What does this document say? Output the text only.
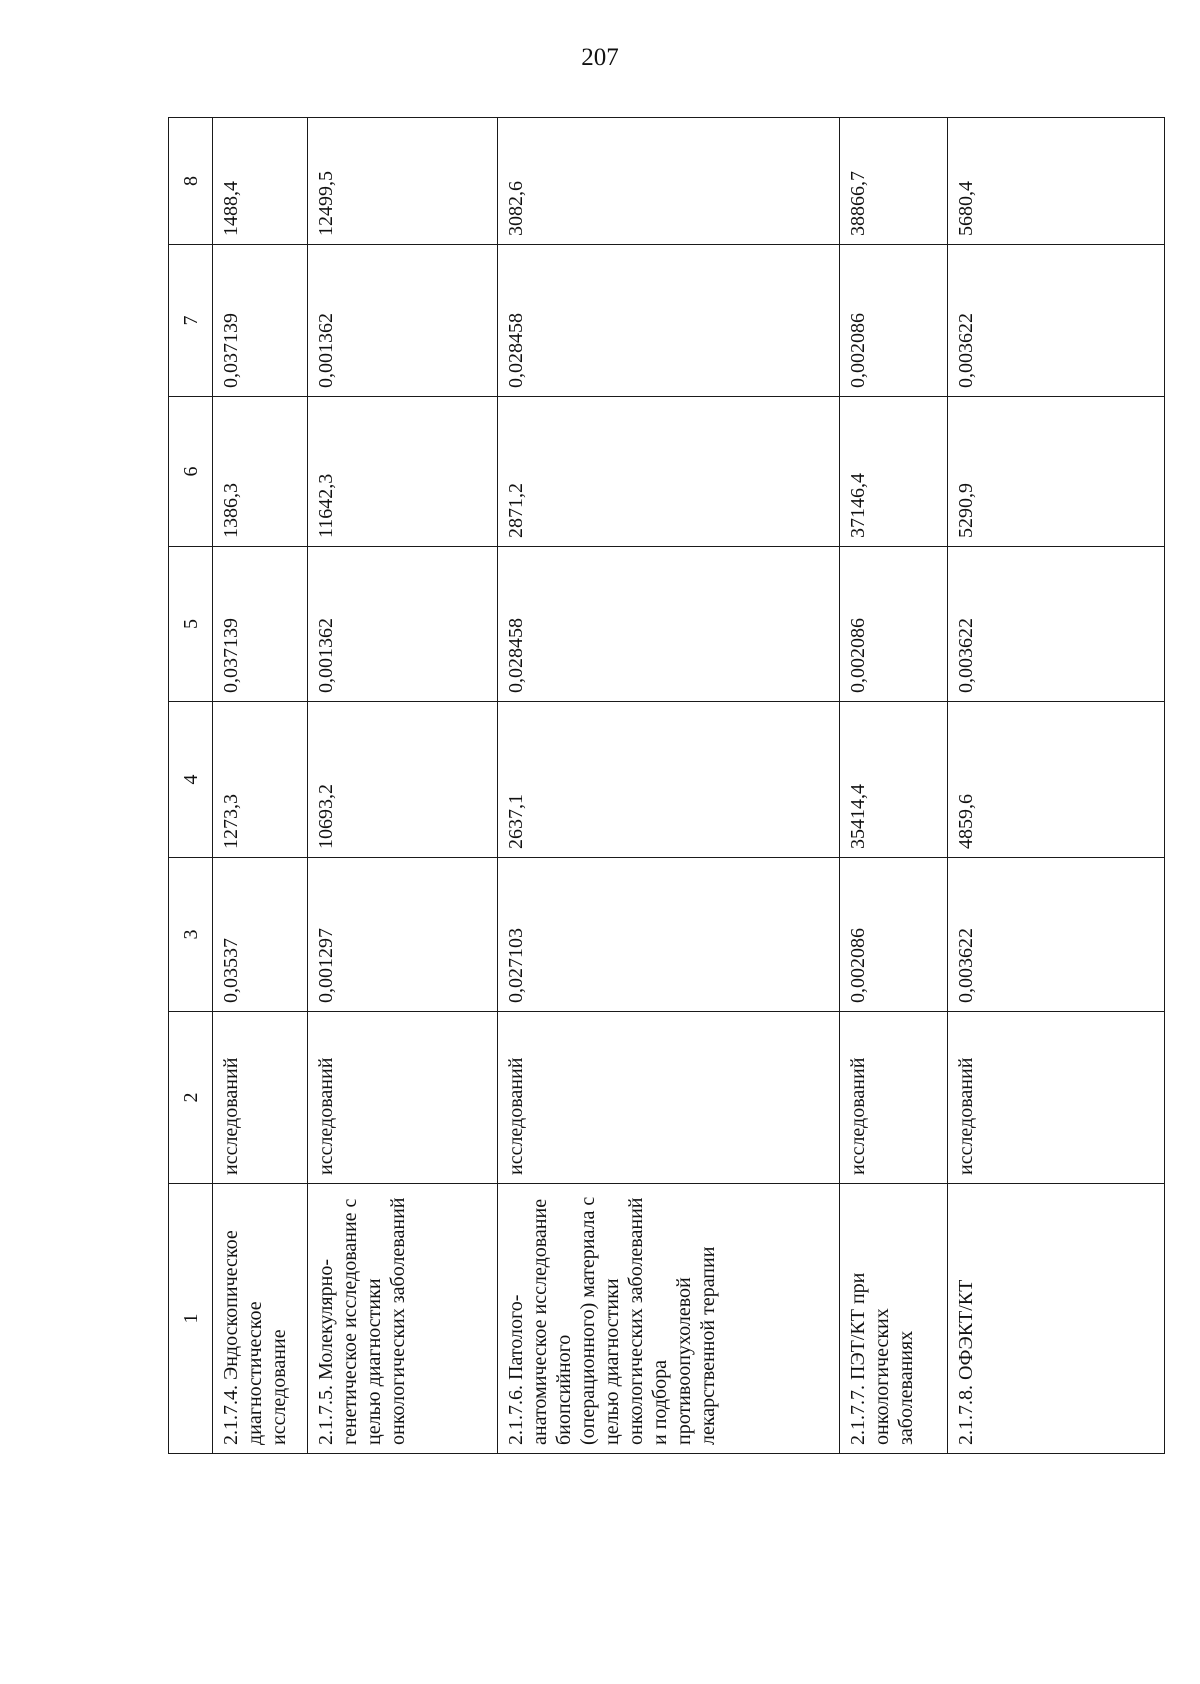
207
1	2	3	4	5	6	7	8
2.1.7.4. Эндоскопическое диагностическое исследование	исследований	0,03537	1273,3	0,037139	1386,3	0,037139	1488,4
2.1.7.5. Молекулярно-генетическое исследование с целью диагностики онкологических заболеваний	исследований	0,001297	10693,2	0,001362	11642,3	0,001362	12499,5
2.1.7.6. Патолого-анатомическое исследование биопсийного (операционного) материала с целью диагностики онкологических заболеваний и подбора противоопухолевой лекарственной терапии	исследований	0,027103	2637,1	0,028458	2871,2	0,028458	3082,6
2.1.7.7. ПЭТ/КТ при онкологических заболеваниях	исследований	0,002086	35414,4	0,002086	37146,4	0,002086	38866,7
2.1.7.8. ОФЭКТ/КТ	исследований	0,003622	4859,6	0,003622	5290,9	0,003622	5680,4
